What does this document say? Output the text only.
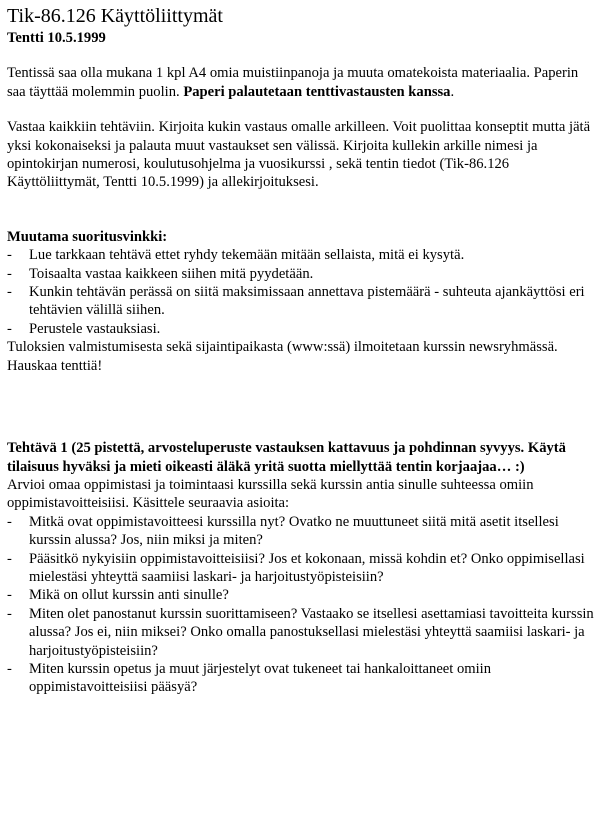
Tik-86.126 Käyttöliittymät

Tentti 10.5.1999

Tentissä saa olla mukana 1 kpl A4 omia muistiinpanoja ja muuta omatekoista materiaalia. Paperin saa täyttää molemmin puolin. Paperi palautetaan tenttivastausten kanssa.

Vastaa kaikkiin tehtäviin. Kirjoita kukin vastaus omalle arkilleen. Voit puolittaa konseptit mutta jätä yksi kokonaiseksi ja palauta muut vastaukset sen välissä. Kirjoita kullekin arkille nimesi ja opintokirjan numerosi, koulutusohjelma ja vuosikurssi , sekä tentin tiedot (Tik-86.126 Käyttöliittymät, Tentti 10.5.1999) ja allekirjoituksesi.

Muutama suoritusvinkki:

- Lue tarkkaan tehtävä ettet ryhdy tekemään mitään sellaista, mitä ei kysytä.
- Toisaalta vastaa kaikkeen siihen mitä pyydetään.
- Kunkin tehtävän perässä on siitä maksimissaan annettava pistemäärä - suhteuta ajankäyttösi eri tehtävien välillä siihen.
- Perustele vastauksiasi.

Tuloksien valmistumisesta sekä sijaintipaikasta (www:ssä) ilmoitetaan kurssin newsryhmässä.

Hauskaa tenttiä!

Tehtävä 1 (25 pistettä, arvosteluperuste vastauksen kattavuus ja pohdinnan syvyys. Käytä tilaisuus hyväksi ja mieti oikeasti äläkä yritä suotta miellyttää tentin korjaajaa… :)

Arvioi omaa oppimistasi ja toimintaasi kurssilla sekä kurssin antia sinulle suhteessa omiin oppimistavoitteisiisi. Käsittele seuraavia asioita:

- Mitkä ovat oppimistavoitteesi kurssilla nyt? Ovatko ne muuttuneet siitä mitä asetit itsellesi kurssin alussa? Jos, niin miksi ja miten?
- Pääsitkö nykyisiin oppimistavoitteisiisi? Jos et kokonaan, missä kohdin et? Onko oppimisellasi mielestäsi yhteyttä saamiisi laskari- ja harjoitustyöpisteisiin?
- Mikä on ollut kurssin anti sinulle?
- Miten olet panostanut kurssin suorittamiseen? Vastaako se itsellesi asettamiasi tavoitteita kurssin alussa? Jos ei, niin miksei? Onko omalla panostuksellasi mielestäsi yhteyttä saamiisi laskari- ja harjoitustyöpisteisiin?
- Miten kurssin opetus ja muut järjestelyt ovat tukeneet tai hankaloittaneet omiin oppimistavoitteisiisi pääsyä?
